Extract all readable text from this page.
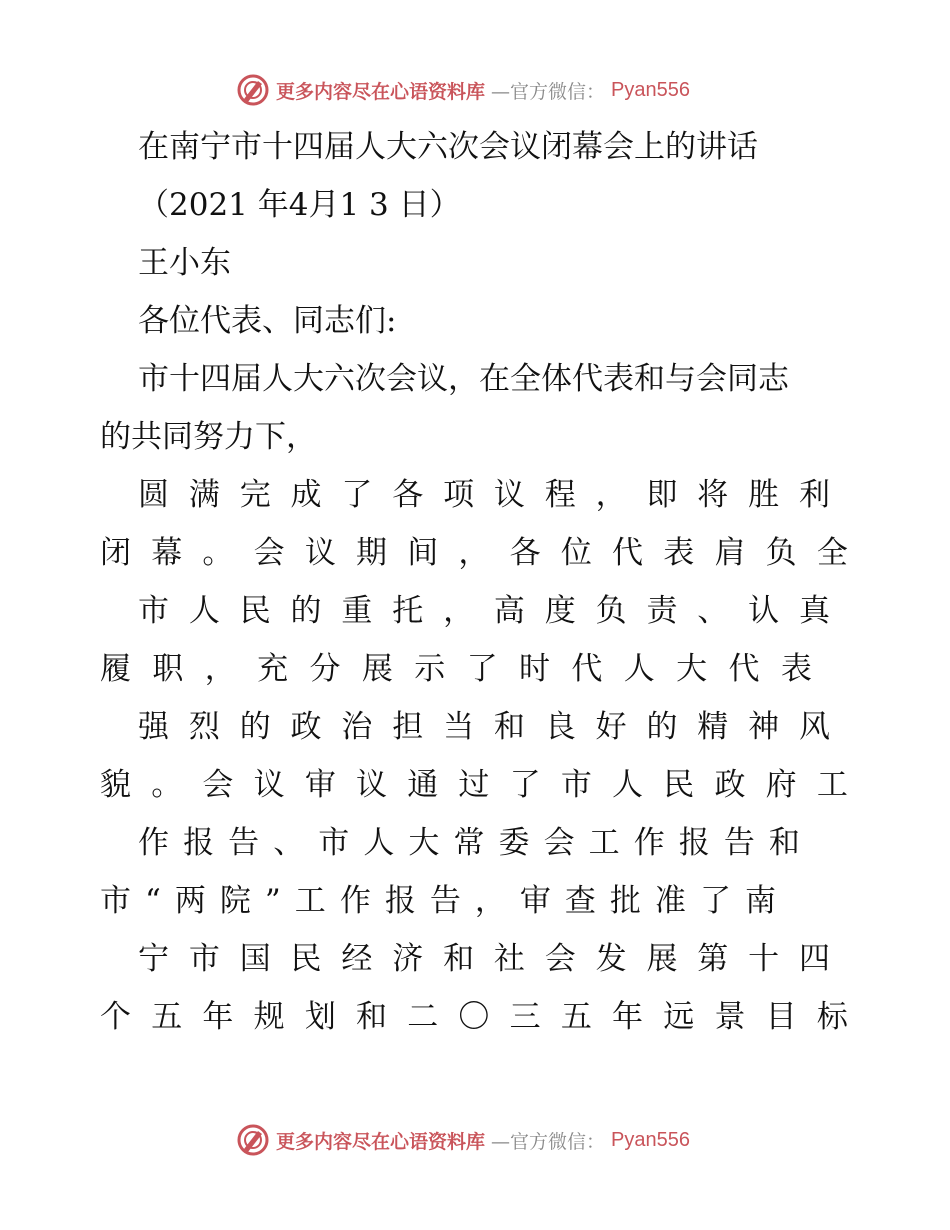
更多内容尽在心语资料库 —官方微信： Pyan556
在南宁市十四届人大六次会议闭幕会上的讲话
（2021 年4月1 3 日）
王小东
各位代表、同志们:
市十四届人大六次会议，在全体代表和与会同志
的共同努力下，
圆 满 完 成 了 各 项 议 程 ， 即 将 胜 利
闭 幕 。 会 议 期 间 ， 各 位 代 表 肩 负 全
市 人 民 的 重 托 ， 高 度 负 责 、 认 真
履 职 ， 充 分 展 示 了 时 代 人 大 代 表
强 烈 的 政 治 担 当 和 良 好 的 精 神 风
貌 。 会 议 审 议 通 过 了 市 人 民 政 府 工
作 报 告 、 市 人 大 常 委 会 工 作 报 告 和
市 “ 两 院 ” 工 作 报 告 ， 审 查 批 准 了 南
宁 市 国 民 经 济 和 社 会 发 展 第 十 四
个 五 年 规 划 和 二 〇 三 五 年 远 景 目 标
更多内容尽在心语资料库 —官方微信： Pyan556
